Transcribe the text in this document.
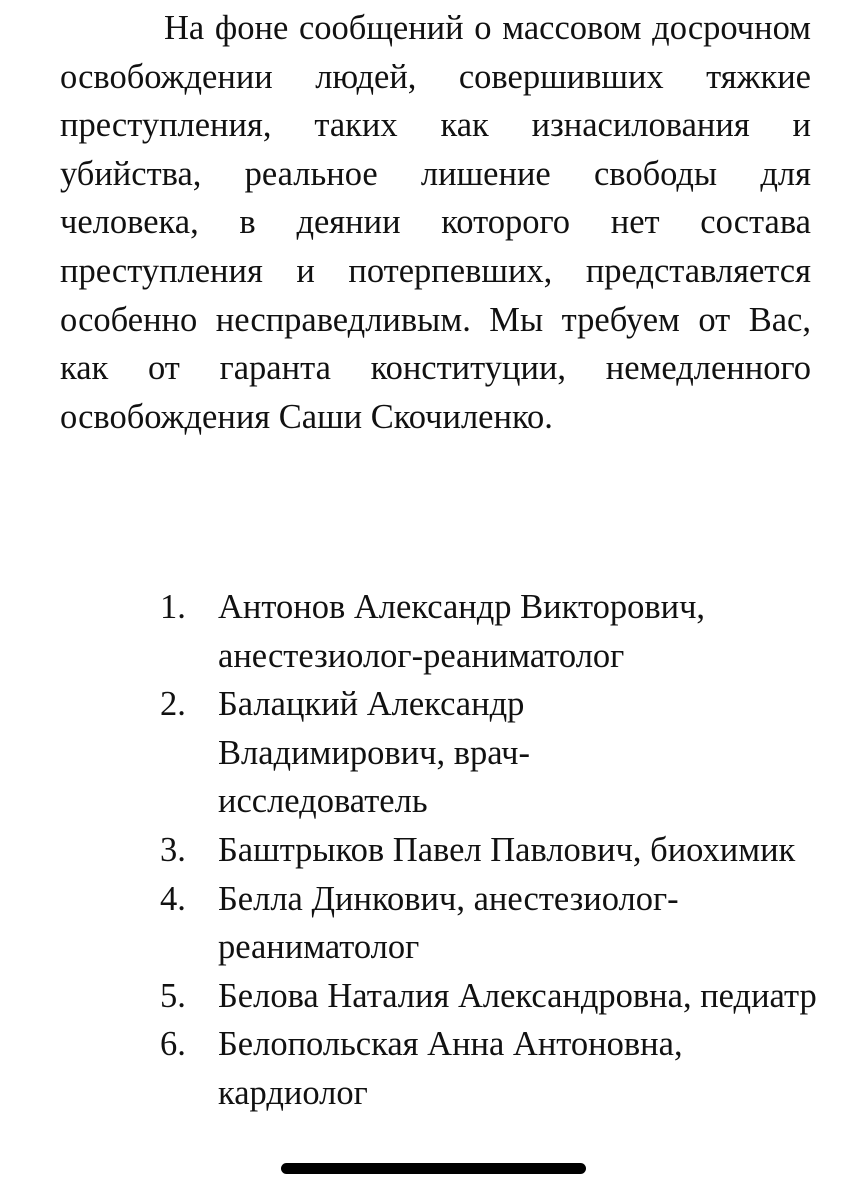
На фоне сообщений о массовом досрочном освобождении людей, совершивших тяжкие преступления, таких как изнасилования и убийства, реальное лишение свободы для человека, в деянии которого нет состава преступления и потерпевших, представляется особенно несправедливым. Мы требуем от Вас, как от гаранта конституции, немедленного освобождения Саши Скочиленко.

1. Антонов Александр Викторович, анестезиолог-реаниматолог
2. Балацкий Александр Владимирович, врач-исследователь
3. Баштрыков Павел Павлович, биохимик
4. Белла Динкович, анестезиолог-реаниматолог
5. Белова Наталия Александровна, педиатр
6. Белопольская Анна Антоновна, кардиолог
